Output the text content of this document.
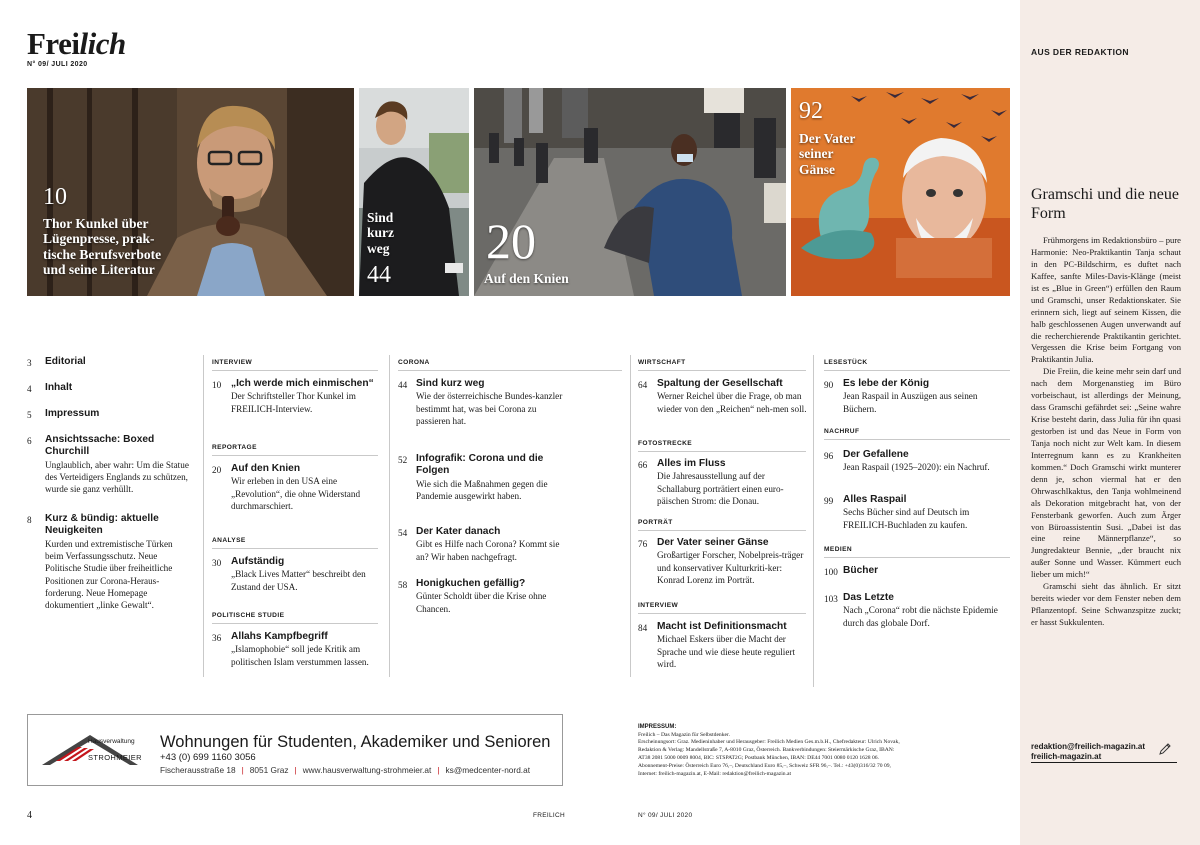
Freilich
N° 09/ JULI 2020
10
Thor Kunkel über
Lügenpresse, prak-
tische Berufsverbote
und seine Literatur
Sind
kurz
weg
44
20
Auf den Knien
92
Der Vater
seiner
Gänse
3 Editorial
4 Inhalt
5 Impressum
6 Ansichtssache: Boxed Churchill
Unglaublich, aber wahr: Um die Statue des Verteidigers Englands zu schützen, wurde sie ganz verhüllt.
8 Kurz & bündig: aktuelle Neuigkeiten
Kurden und extremistische Türken beim Verfassungsschutz. Neue Politische Studie über freiheitliche Positionen zur Corona-Heraus-forderung. Neue Homepage dokumentiert „linke Gewalt“.
INTERVIEW
10 „Ich werde mich einmischen“
Der Schriftsteller Thor Kunkel im FREILICH-Interview.
REPORTAGE
20 Auf den Knien
Wir erleben in den USA eine „Revolution“, die ohne Widerstand durchmarschiert.
ANALYSE
30 Aufständig
„Black Lives Matter“ beschreibt den Zustand der USA.
POLITISCHE STUDIE
36 Allahs Kampfbegriff
„Islamophobie“ soll jede Kritik am politischen Islam verstummen lassen.
CORONA
44 Sind kurz weg
Wie der österreichische Bundes-kanzler bestimmt hat, was bei Corona zu passieren hat.
52 Infografik: Corona und die Folgen
Wie sich die Maßnahmen gegen die Pandemie ausgewirkt haben.
54 Der Kater danach
Gibt es Hilfe nach Corona? Kommt sie an? Wir haben nachgefragt.
58 Honigkuchen gefällig?
Günter Scholdt über die Krise ohne Chancen.
WIRTSCHAFT
64 Spaltung der Gesellschaft
Werner Reichel über die Frage, ob man wieder von den „Reichen“ neh-men soll.
FOTOSTRECKE
66 Alles im Fluss
Die Jahresausstellung auf der Schallaburg porträtiert einen euro-päischen Strom: die Donau.
PORTRÄT
76 Der Vater seiner Gänse
Großartiger Forscher, Nobelpreis-träger und konservativer Kulturkriti-ker: Konrad Lorenz im Porträt.
INTERVIEW
84 Macht ist Definitionsmacht
Michael Eskers über die Macht der Sprache und wie diese heute reguliert wird.
LESESTÜCK
90 Es lebe der König
Jean Raspail in Auszügen aus seinen Büchern.
NACHRUF
96 Der Gefallene
Jean Raspail (1925–2020): ein Nachruf.
99 Alles Raspail
Sechs Bücher sind auf Deutsch im FREILICH-Buchladen zu kaufen.
MEDIEN
100 Bücher
103 Das Letzte
Nach „Corona“ robt die nächste Epidemie durch das globale Dorf.
Hausverwaltung
STROHMEIER
Wohnungen für Studenten, Akademiker und Senioren
+43 (0) 699 1160 3056
Fischerausstraße 18 | 8051 Graz | www.hausverwaltung-strohmeier.at | ks@medcenter-nord.at
IMPRESSUM:
Freilich – Das Magazin für Selbstdenker.
Erscheinungsort: Graz. Medieninhaber und Herausgeber: Freilich Medien Ges.m.b.H., Chefredakteur: Ulrich Novak,
Redaktion & Verlag: Mandellstraße 7, A-8010 Graz, Österreich. Bankverbindungen: Steiermärkische Graz, IBAN:
AT38 2081 5000 0009 8004, BIC: STSPAT2G; Postbank München, IBAN: DE44 7001 0080 0120 1628 06.
Abonnement-Preise: Österreich Euro 76,–, Deutschland Euro 85,–, Schweiz SFR 96,–. Tel.: +43(0)316/32 70 09,
Internet: freilich-magazin.at, E-Mail: redaktion@freilich-magazin.at
4	FREILICH	N° 09/ JULI 2020
AUS DER REDAKTION
Gramschi und die neue Form

Frühmorgens im Redaktionsbüro – pure Harmonie: Neo-Praktikantin Tanja schaut in den PC-Bildschirm, es duftet nach Kaffee, sanfte Miles-Davis-Klänge (meist ist es „Blue in Green“) erfüllen den Raum und Gramschi, unser Redaktionskater. Sie erinnern sich, liegt auf seinem Kissen, die halb geschlossenen Augen unverwandt auf die recherchierende Praktikantin gerichtet. Vergessen die Krise beim Fortgang von Praktikantin Julia.

Die Freiin, die keine mehr sein darf und nach dem Morgenanstieg im Büro vorbeischaut, ist allerdings der Meinung, dass Gramschi gefährdet sei: „Seine wahre Krise besteht darin, dass Julia für ihn quasi gestorben ist und das Neue in Form von Tanja noch nicht zur Welt kam. In diesem Interregnum kann es zu Krankheiten kommen.“ Doch Gramschi wirkt munterer denn je, schon viermal hat er den Ohrwaschlkaktus, den Tanja wohlmeinend als Dekoration mitgebracht hat, von der Fensterbank geworfen. Auch zum Ärger von Büroassistentin Susi. „Dabei ist das eine reine Männerpflanze“, so Jungredakteur Bennie, „der braucht nix außer Sonne und Wasser. Kümmert euch lieber um mich!“

Gramschi sieht das ähnlich. Er sitzt bereits wieder vor dem Fenster neben dem Pflanzentopf. Seine Schwanzspitze zuckt; er hasst Sukkulenten.

redaktion@freilich-magazin.at
freilich-magazin.at
